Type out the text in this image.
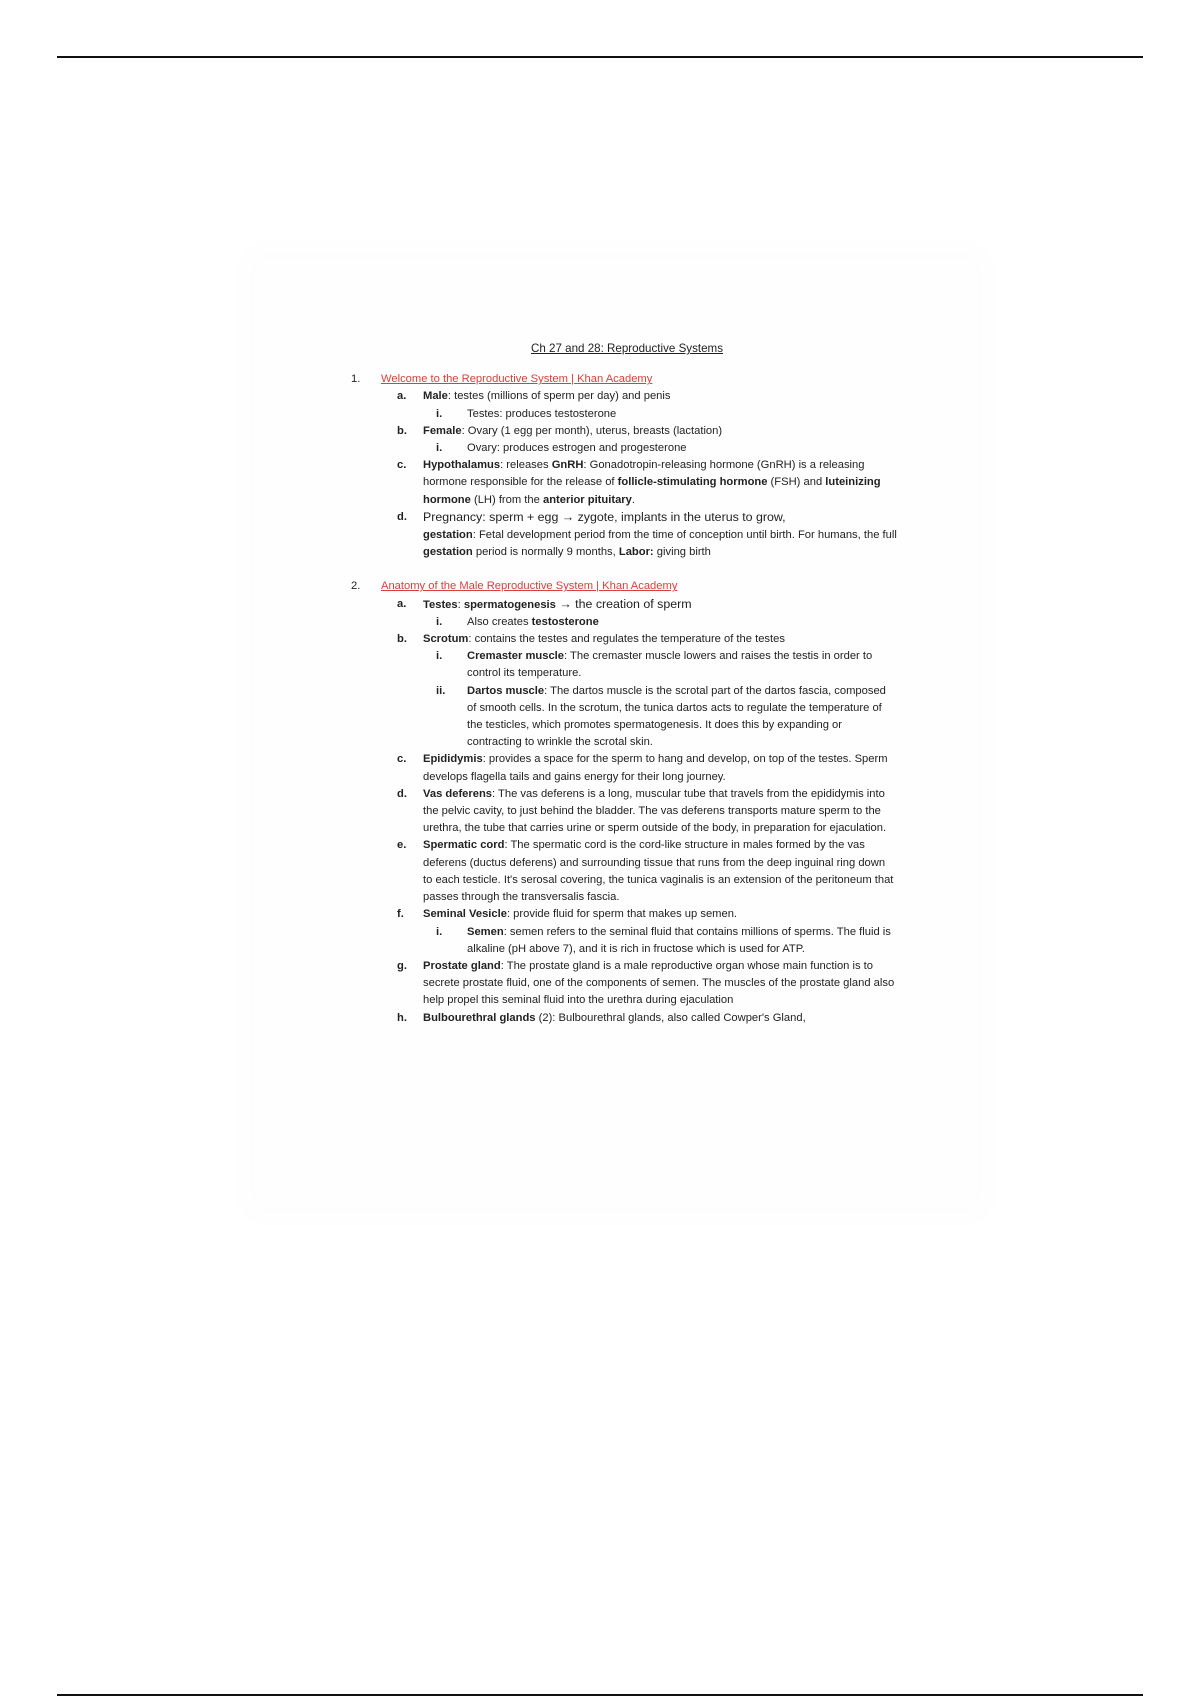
Ch 27 and 28: Reproductive Systems
1.	Welcome to the Reproductive System | Khan Academy
a.	Male: testes (millions of sperm per day) and penis
i.	Testes: produces testosterone
b.	Female: Ovary (1 egg per month), uterus, breasts (lactation)
i.	Ovary: produces estrogen and progesterone
c.	Hypothalamus: releases GnRH: Gonadotropin-releasing hormone (GnRH) is a releasing hormone responsible for the release of follicle-stimulating hormone (FSH) and luteinizing hormone (LH) from the anterior pituitary.
d.	Pregnancy: sperm + egg → zygote, implants in the uterus to grow,
gestation: Fetal development period from the time of conception until birth. For humans, the full gestation period is normally 9 months, Labor: giving birth
2.	Anatomy of the Male Reproductive System | Khan Academy
a.	Testes: spermatogenesis → the creation of sperm
i.	Also creates testosterone
b.	Scrotum: contains the testes and regulates the temperature of the testes
i.	Cremaster muscle: The cremaster muscle lowers and raises the testis in order to control its temperature.
ii.	Dartos muscle: The dartos muscle is the scrotal part of the dartos fascia, composed of smooth cells. In the scrotum, the tunica dartos acts to regulate the temperature of the testicles, which promotes spermatogenesis. It does this by expanding or contracting to wrinkle the scrotal skin.
c.	Epididymis: provides a space for the sperm to hang and develop, on top of the testes. Sperm develops flagella tails and gains energy for their long journey.
d.	Vas deferens: The vas deferens is a long, muscular tube that travels from the epididymis into the pelvic cavity, to just behind the bladder. The vas deferens transports mature sperm to the urethra, the tube that carries urine or sperm outside of the body, in preparation for ejaculation.
e.	Spermatic cord: The spermatic cord is the cord-like structure in males formed by the vas deferens (ductus deferens) and surrounding tissue that runs from the deep inguinal ring down to each testicle. It's serosal covering, the tunica vaginalis is an extension of the peritoneum that passes through the transversalis fascia.
f.	Seminal Vesicle: provide fluid for sperm that makes up semen.
i.	Semen: semen refers to the seminal fluid that contains millions of sperms. The fluid is alkaline (pH above 7), and it is rich in fructose which is used for ATP.
g.	Prostate gland: The prostate gland is a male reproductive organ whose main function is to secrete prostate fluid, one of the components of semen. The muscles of the prostate gland also help propel this seminal fluid into the urethra during ejaculation
h.	Bulbourethral glands (2): Bulbourethral glands, also called Cowper's Gland,
